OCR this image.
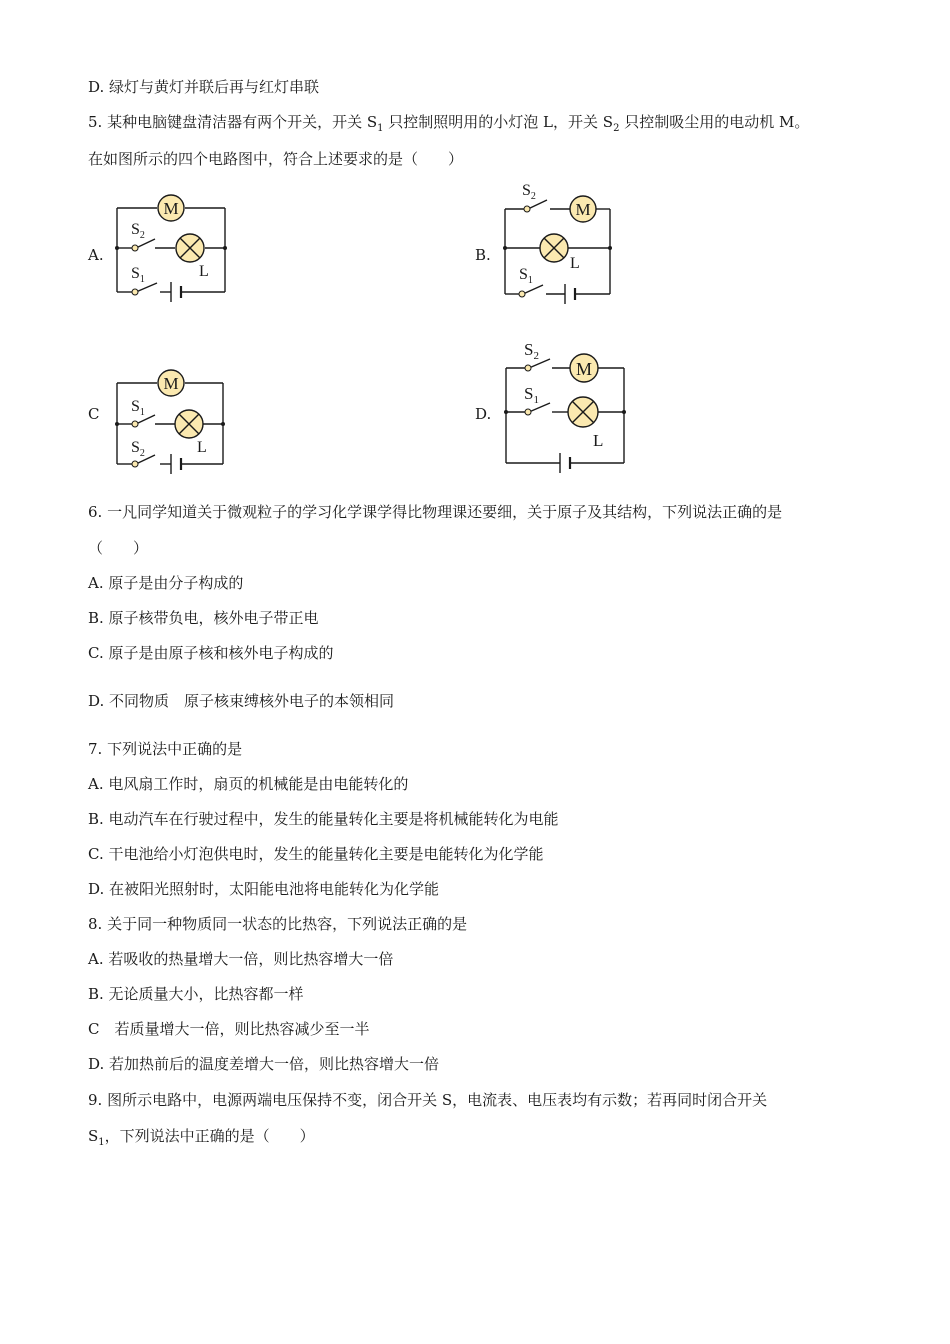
D. 绿灯与黄灯并联后再与红灯串联
5. 某种电脑键盘清洁器有两个开关，开关 $S_1$ 只控制照明用的小灯泡 L，开关 $S_2$ 只控制吸尘用的电动机 M。
在如图所示的四个电路图中，符合上述要求的是（　　）
A.
M
L
$S_2$
$S_1$
B.
M
L
$S_2$
$S_1$
C
M
L
$S_1$
$S_2$
D.
M
L
$S_2$
$S_1$
6. 一凡同学知道关于微观粒子的学习化学课学得比物理课还要细，关于原子及其结构，下列说法正确的是
（　　）
A. 原子是由分子构成的
B. 原子核带负电，核外电子带正电
C. 原子是由原子核和核外电子构成的
D. 不同物质　原子核束缚核外电子的本领相同
7. 下列说法中正确的是
A. 电风扇工作时，扇页的机械能是由电能转化的
B. 电动汽车在行驶过程中，发生的能量转化主要是将机械能转化为电能
C. 干电池给小灯泡供电时，发生的能量转化主要是电能转化为化学能
D. 在被阳光照射时，太阳能电池将电能转化为化学能
8. 关于同一种物质同一状态的比热容，下列说法正确的是
A. 若吸收的热量增大一倍，则比热容增大一倍
B. 无论质量大小，比热容都一样
C　若质量增大一倍，则比热容减少至一半
D. 若加热前后的温度差增大一倍，则比热容增大一倍
9. 图所示电路中，电源两端电压保持不变，闭合开关 S，电流表、电压表均有示数；若再同时闭合开关
$S_1$，下列说法中正确的是（　　）
